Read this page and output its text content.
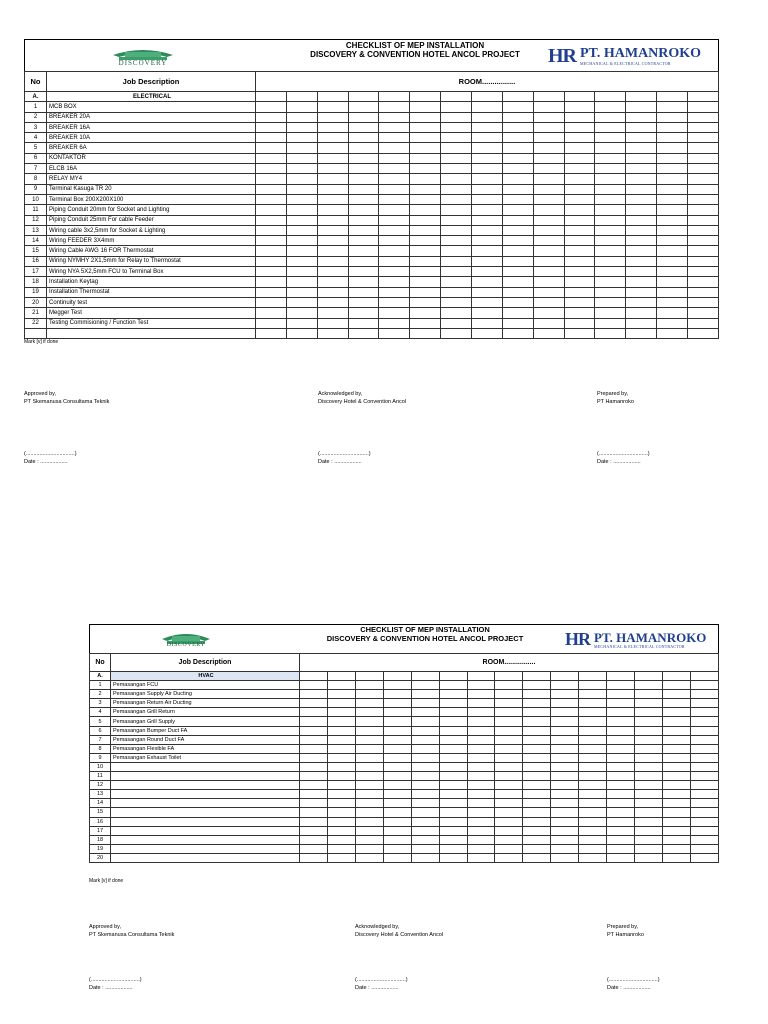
DISCOVERY
CHECKLIST OF MEP INSTALLATION
DISCOVERY & CONVENTION HOTEL ANCOL PROJECT	HR PT. HAMANROKO
MECHANICAL & ELECTRICAL CONTRACTOR
No	Job Description	ROOM................														
A.	ELECTRICAL															
1	MCB BOX															
2	BREAKER 20A															
3	BREAKER 16A															
4	BREAKER 10A															
5	BREAKER 6A															
6	KONTAKTOR															
7	ELCB 16A															
8	RELAY MY4															
9	Terminal Kasuga TR 20															
10	Terminal Box 200X200X100															
11	Piping Conduit 20mm for Socket and Lighting															
12	Piping Conduit 25mm For cable Feeder															
13	Wiring cable 3x2,5mm for Socket & Lighting															
14	Wiring FEEDER 3X4mm															
15	Wiring Cable AWG 16 FOR Thermostat															
16	Wiring NYMHY 2X1,5mm for Relay to Thermostat															
17	Wiring NYA 5X2,5mm FCU to Terminal Box															
18	Installation Keytag															
19	Installation Thermostat															
20	Continuity test															
21	Megger Test															
22	Testing Commisioning / Function Test															

Mark [v] if done
Approved by,
PT Skemanusa Consultama Teknik
Acknowledged by,
Discovery Hotel & Convention Ancol
Prepared by,
PT Hamanroko
(................................)
Date : ..................
(................................)
Date : ..................
(................................)
Date : ..................
DISCOVERY
CHECKLIST OF MEP INSTALLATION
DISCOVERY & CONVENTION HOTEL ANCOL PROJECT	HR PT. HAMANROKO
MECHANICAL & ELECTRICAL CONTRACTOR
No	Job Description	ROOM................														
A.	HVAC															
1	Pemasangan FCU															
2	Pemasangan Supply Air Ducting															
3	Pemasangan Return Air Ducting															
4	Pemasangan Grill Return															
5	Pemasangan Grill Supply															
6	Pemasangan Bumper Duct FA															
7	Pemasangan Round Duct FA															
8	Pemasangan Flexible FA															
9	Pemasangan Exhaust Toilet															
10																
11																
12																
13																
14																
15																
16																
17																
18																
19																
20																
Mark [v] if done
Approved by,
PT Skemanusa Consultama Teknik
Acknowledged by,
Discovery Hotel & Convention Ancol
Prepared by,
PT Hamanroko
(................................)
Date : ..................
(................................)
Date : ..................
(................................)
Date : ..................
